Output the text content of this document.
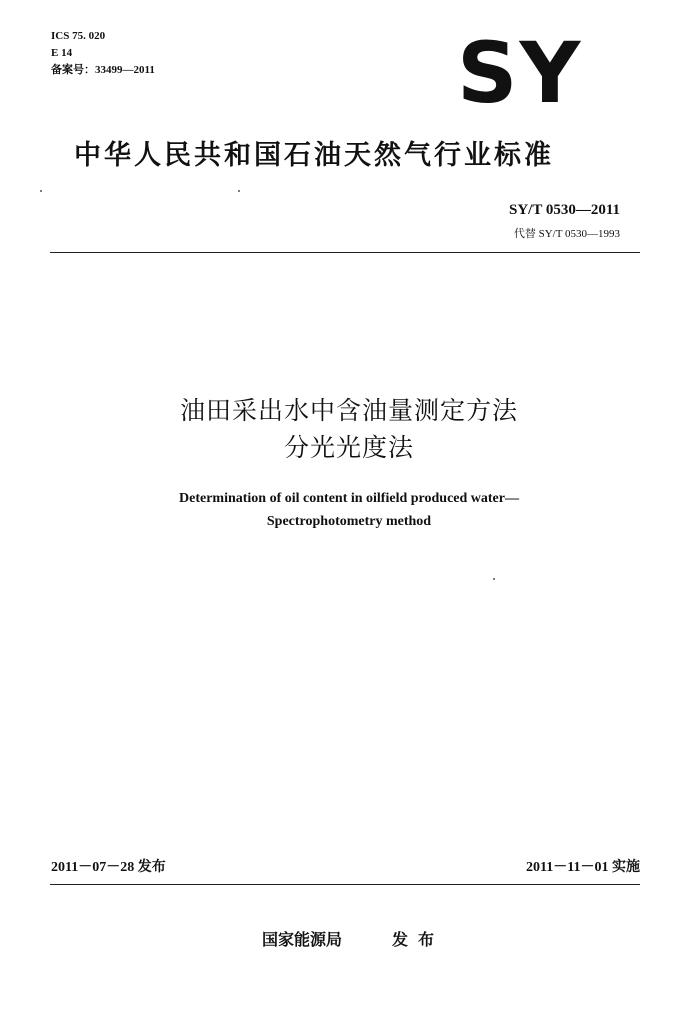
ICS 75. 020
E 14
备案号：33499—2011	SY
中华人民共和国石油天然气行业标准
SY/T 0530—2011
代替 SY/T 0530—1993
油田采出水中含油量测定方法
分光光度法
Determination of oil content in oilfield produced water—
Spectrophotometry method
2011－07－28 发布	2011－11－01 实施
国家能源局	发布
